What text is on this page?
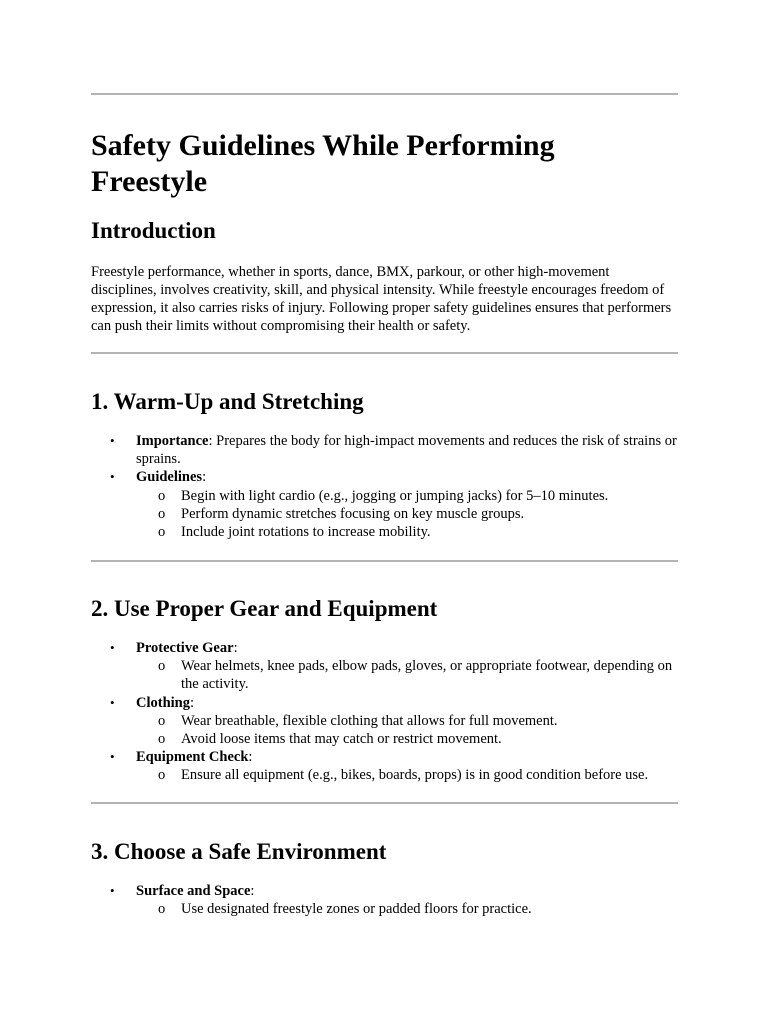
Safety Guidelines While Performing Freestyle
Introduction

Freestyle performance, whether in sports, dance, BMX, parkour, or other high-movement disciplines, involves creativity, skill, and physical intensity. While freestyle encourages freedom of expression, it also carries risks of injury. Following proper safety guidelines ensures that performers can push their limits without compromising their health or safety.

1. Warm-Up and Stretching
• Importance: Prepares the body for high-impact movements and reduces the risk of strains or sprains.
• Guidelines:
o Begin with light cardio (e.g., jogging or jumping jacks) for 5–10 minutes.
o Perform dynamic stretches focusing on key muscle groups.
o Include joint rotations to increase mobility.
2. Use Proper Gear and Equipment
• Protective Gear:
o Wear helmets, knee pads, elbow pads, gloves, or appropriate footwear, depending on the activity.
• Clothing:
o Wear breathable, flexible clothing that allows for full movement.
o Avoid loose items that may catch or restrict movement.
• Equipment Check:
o Ensure all equipment (e.g., bikes, boards, props) is in good condition before use.
3. Choose a Safe Environment
• Surface and Space:
o Use designated freestyle zones or padded floors for practice.
